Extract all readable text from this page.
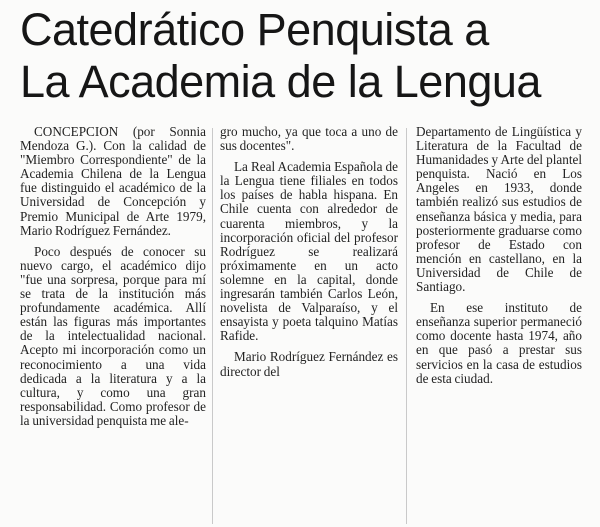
Catedrático Penquista a
La Academia de la Lengua

CONCEPCION (por Sonnia Mendoza G.). Con la calidad de "Miembro Correspondiente" de la Academia Chilena de la Lengua fue distinguido el académico de la Universidad de Concepción y Premio Municipal de Arte 1979, Mario Rodríguez Fernández.

Poco después de conocer su nuevo cargo, el académico dijo "fue una sorpresa, porque para mí se trata de la institución más profundamente académica. Allí están las figuras más importantes de la intelectualidad nacional. Acepto mi incorporación como un reconocimiento a una vida dedicada a la literatura y a la cultura, y como una gran responsabilidad. Como profesor de la universidad penquista me ale-

gro mucho, ya que toca a uno de sus docentes".

La Real Academia Española de la Lengua tiene filiales en todos los países de habla hispana. En Chile cuenta con alrededor de cuarenta miembros, y la incorporación oficial del profesor Rodríguez se realizará próximamente en un acto solemne en la capital, donde ingresarán también Carlos León, novelista de Valparaíso, y el ensayista y poeta talquino Matías Rafide.

Mario Rodríguez Fernández es director del

Departamento de Lingüística y Literatura de la Facultad de Humanidades y Arte del plantel penquista. Nació en Los Angeles en 1933, donde también realizó sus estudios de enseñanza básica y media, para posteriormente graduarse como profesor de Estado con mención en castellano, en la Universidad de Chile de Santiago.

En ese instituto de enseñanza superior permaneció como docente hasta 1974, año en que pasó a prestar sus servicios en la casa de estudios de esta ciudad.
